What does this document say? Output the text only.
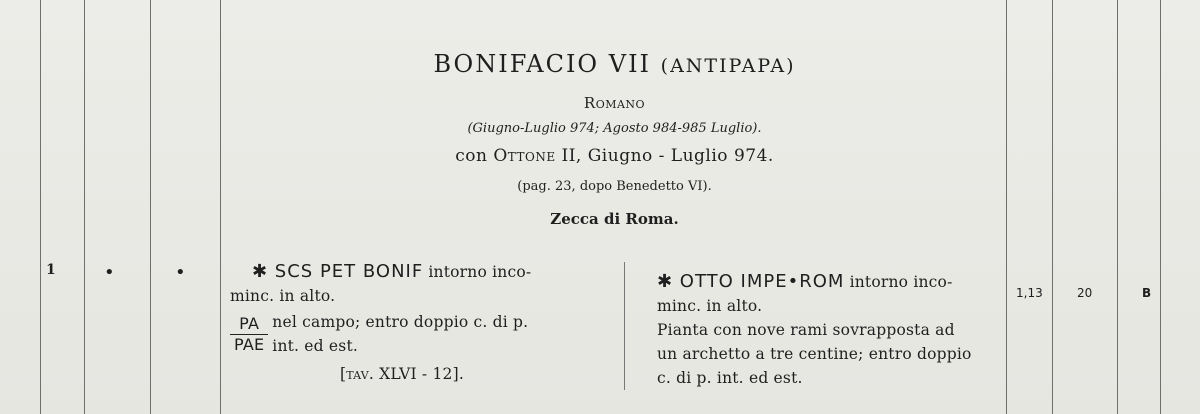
BONIFACIO VII (ANTIPAPA)
Romano
(Giugno-Luglio 974; Agosto 984-985 Luglio).
con Ottone II, Giugno - Luglio 974.
(pag. 23, dopo Benedetto VI).
Zecca di Roma.
1	•	•	✱ SCS PEТ BONIF intorno inco-
minc. in alto.
$\frac{PA}{\text{PAE}}$ nel campo; entro doppio c. di p.
int. ed est.
[tav. XLVI - 12].
✱ OTTO IMPE•ROM intorno inco-
minc. in alto.
Pianta con nove rami sovrapposta ad
un archetto a tre centine; entro doppio
c. di p. int. ed est.
1,13	20	B
